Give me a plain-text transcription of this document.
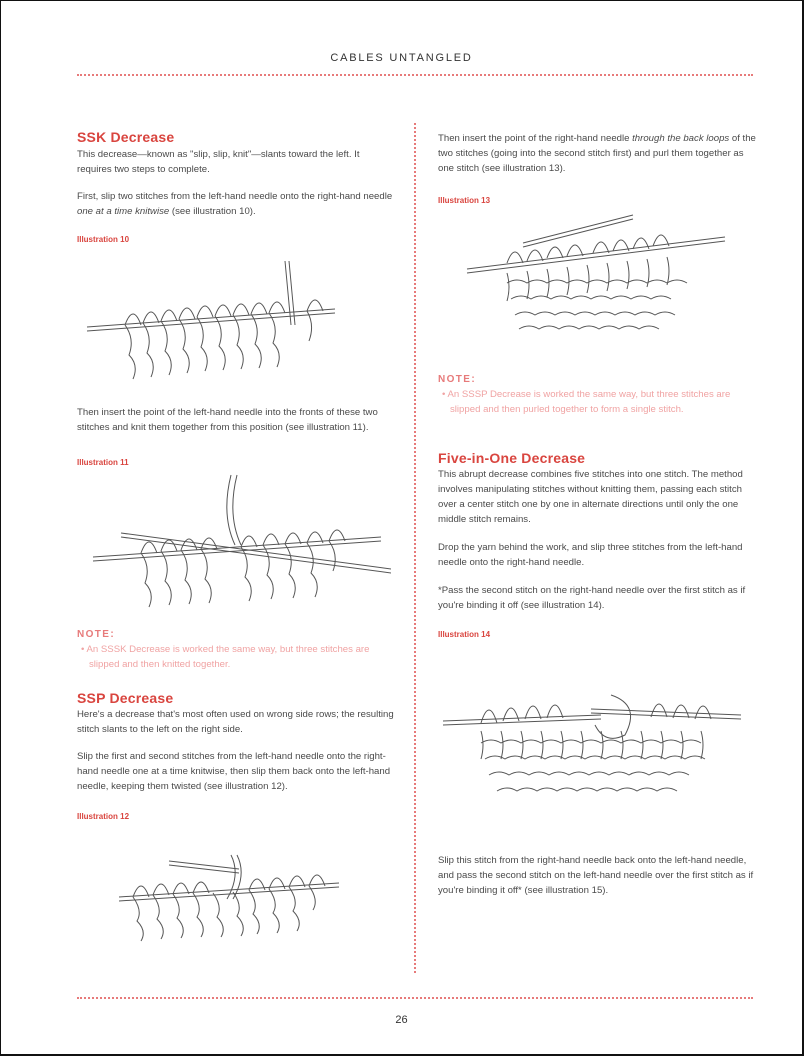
CABLES UNTANGLED
SSK Decrease

This decrease—known as "slip, slip, knit"—slants toward the left. It requires two steps to complete.

First, slip two stitches from the left-hand needle onto the right-hand needle one at a time knitwise (see illustration 10).

Illustration 10

Then insert the point of the left-hand needle into the fronts of these two stitches and knit them together from this position (see illustration 11).

Illustration 11

NOTE:

• An SSSK Decrease is worked the same way, but three stitches are slipped and then knitted together.

SSP Decrease

Here's a decrease that's most often used on wrong side rows; the resulting stitch slants to the left on the right side.

Slip the first and second stitches from the left-hand needle onto the right-hand needle one at a time knitwise, then slip them back onto the left-hand needle, keeping them twisted (see illustration 12).

Illustration 12

Then insert the point of the right-hand needle through the back loops of the two stitches (going into the second stitch first) and purl them together as one stitch (see illustration 13).

Illustration 13

NOTE:

• An SSSP Decrease is worked the same way, but three stitches are slipped and then purled together to form a single stitch.

Five-in-One Decrease

This abrupt decrease combines five stitches into one stitch. The method involves manipulating stitches without knitting them, passing each stitch over a center stitch one by one in alternate directions until only the one middle stitch remains.

Drop the yarn behind the work, and slip three stitches from the left-hand needle onto the right-hand needle.

*Pass the second stitch on the right-hand needle over the first stitch as if you're binding it off (see illustration 14).

Illustration 14

Slip this stitch from the right-hand needle back onto the left-hand needle, and pass the second stitch on the left-hand needle over the first stitch as if you're binding it off* (see illustration 15).

26
